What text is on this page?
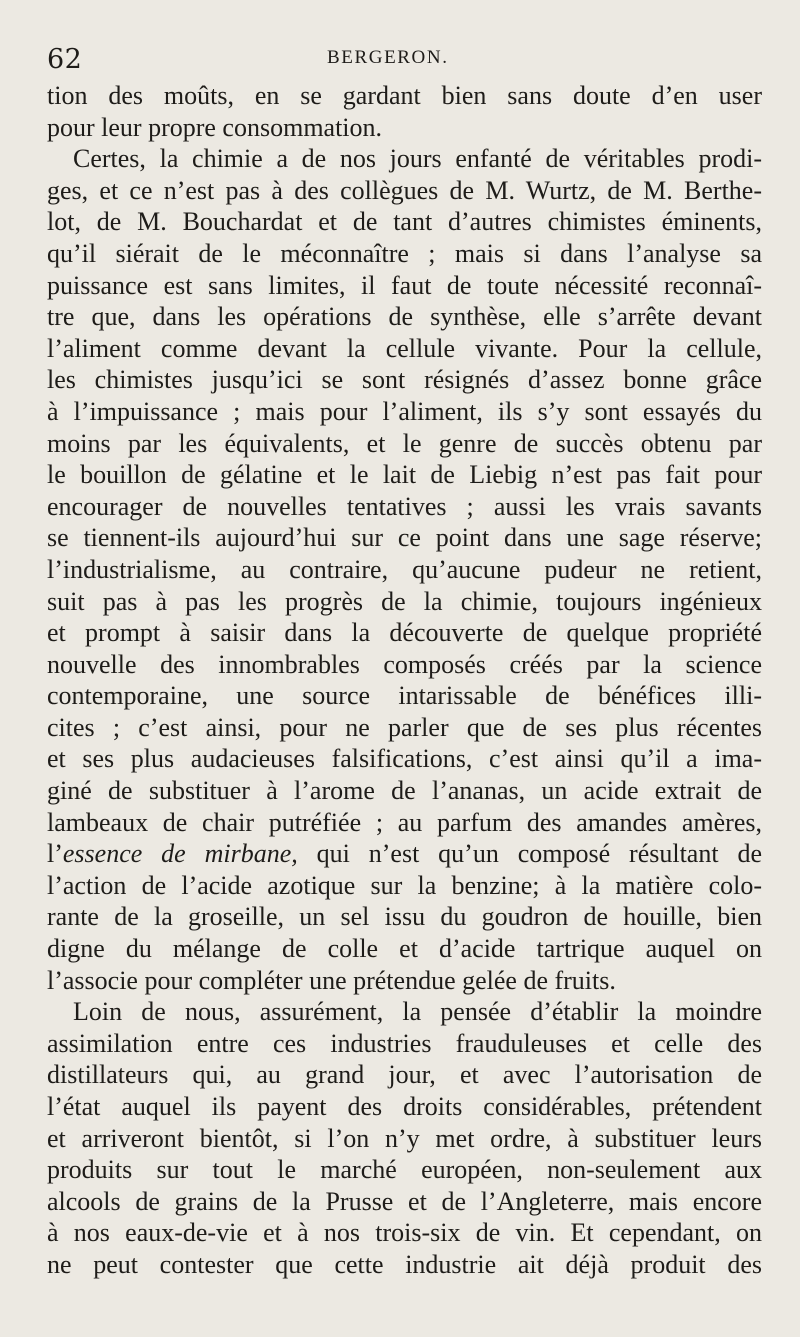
62	BERGERON.
tion des moûts, en se gardant bien sans doute d’en user
pour leur propre consommation.
Certes, la chimie a de nos jours enfanté de véritables prodi-
ges, et ce n’est pas à des collègues de M. Wurtz, de M. Berthe-
lot, de M. Bouchardat et de tant d’autres chimistes éminents,
qu’il siérait de le méconnaître ; mais si dans l’analyse sa
puissance est sans limites, il faut de toute nécessité reconnaî-
tre que, dans les opérations de synthèse, elle s’arrête devant
l’aliment comme devant la cellule vivante. Pour la cellule,
les chimistes jusqu’ici se sont résignés d’assez bonne grâce
à l’impuissance ; mais pour l’aliment, ils s’y sont essayés du
moins par les équivalents, et le genre de succès obtenu par
le bouillon de gélatine et le lait de Liebig n’est pas fait pour
encourager de nouvelles tentatives ; aussi les vrais savants
se tiennent-ils aujourd’hui sur ce point dans une sage réserve;
l’industrialisme, au contraire, qu’aucune pudeur ne retient,
suit pas à pas les progrès de la chimie, toujours ingénieux
et prompt à saisir dans la découverte de quelque propriété
nouvelle des innombrables composés créés par la science
contemporaine, une source intarissable de bénéfices illi-
cites ; c’est ainsi, pour ne parler que de ses plus récentes
et ses plus audacieuses falsifications, c’est ainsi qu’il a ima-
giné de substituer à l’arome de l’ananas, un acide extrait de
lambeaux de chair putréfiée ; au parfum des amandes amères,
l’essence de mirbane, qui n’est qu’un composé résultant de
l’action de l’acide azotique sur la benzine; à la matière colo-
rante de la groseille, un sel issu du goudron de houille, bien
digne du mélange de colle et d’acide tartrique auquel on
l’associe pour compléter une prétendue gelée de fruits.
Loin de nous, assurément, la pensée d’établir la moindre
assimilation entre ces industries frauduleuses et celle des
distillateurs qui, au grand jour, et avec l’autorisation de
l’état auquel ils payent des droits considérables, prétendent
et arriveront bientôt, si l’on n’y met ordre, à substituer leurs
produits sur tout le marché européen, non-seulement aux
alcools de grains de la Prusse et de l’Angleterre, mais encore
à nos eaux-de-vie et à nos trois-six de vin. Et cependant, on
ne peut contester que cette industrie ait déjà produit des
